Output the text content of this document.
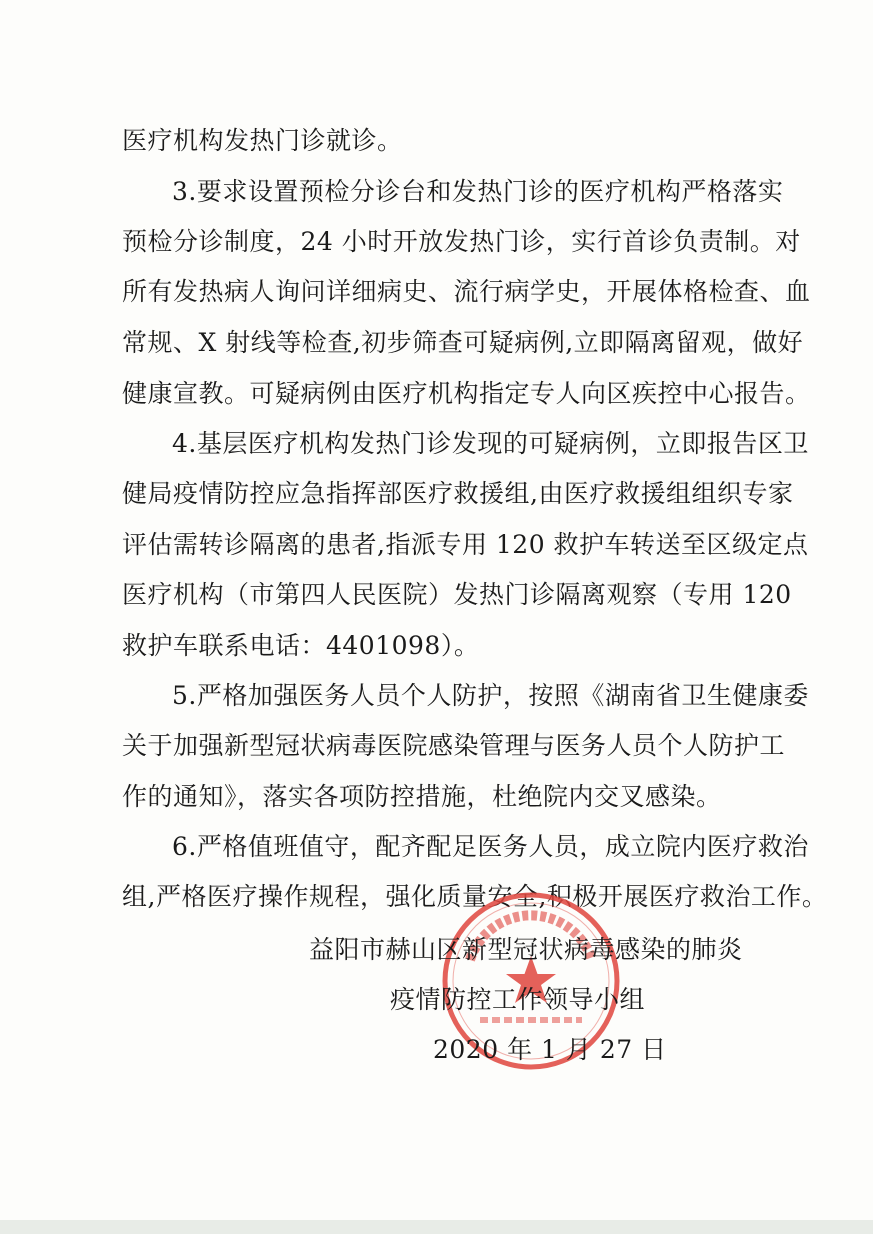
医疗机构发热门诊就诊。
3.要求设置预检分诊台和发热门诊的医疗机构严格落实
预检分诊制度，24 小时开放发热门诊，实行首诊负责制。对
所有发热病人询问详细病史、流行病学史，开展体格检查、血
常规、X 射线等检查,初步筛查可疑病例,立即隔离留观，做好
健康宣教。可疑病例由医疗机构指定专人向区疾控中心报告。
4.基层医疗机构发热门诊发现的可疑病例，立即报告区卫
健局疫情防控应急指挥部医疗救援组,由医疗救援组组织专家
评估需转诊隔离的患者,指派专用 120 救护车转送至区级定点
医疗机构（市第四人民医院）发热门诊隔离观察（专用 120
救护车联系电话：4401098）。
5.严格加强医务人员个人防护，按照《湖南省卫生健康委
关于加强新型冠状病毒医院感染管理与医务人员个人防护工
作的通知》，落实各项防控措施，杜绝院内交叉感染。
6.严格值班值守，配齐配足医务人员，成立院内医疗救治
组,严格医疗操作规程，强化质量安全,积极开展医疗救治工作。
益阳市赫山区新型冠状病毒感染的肺炎
疫情防控工作领导小组
2020 年 1 月 27 日
